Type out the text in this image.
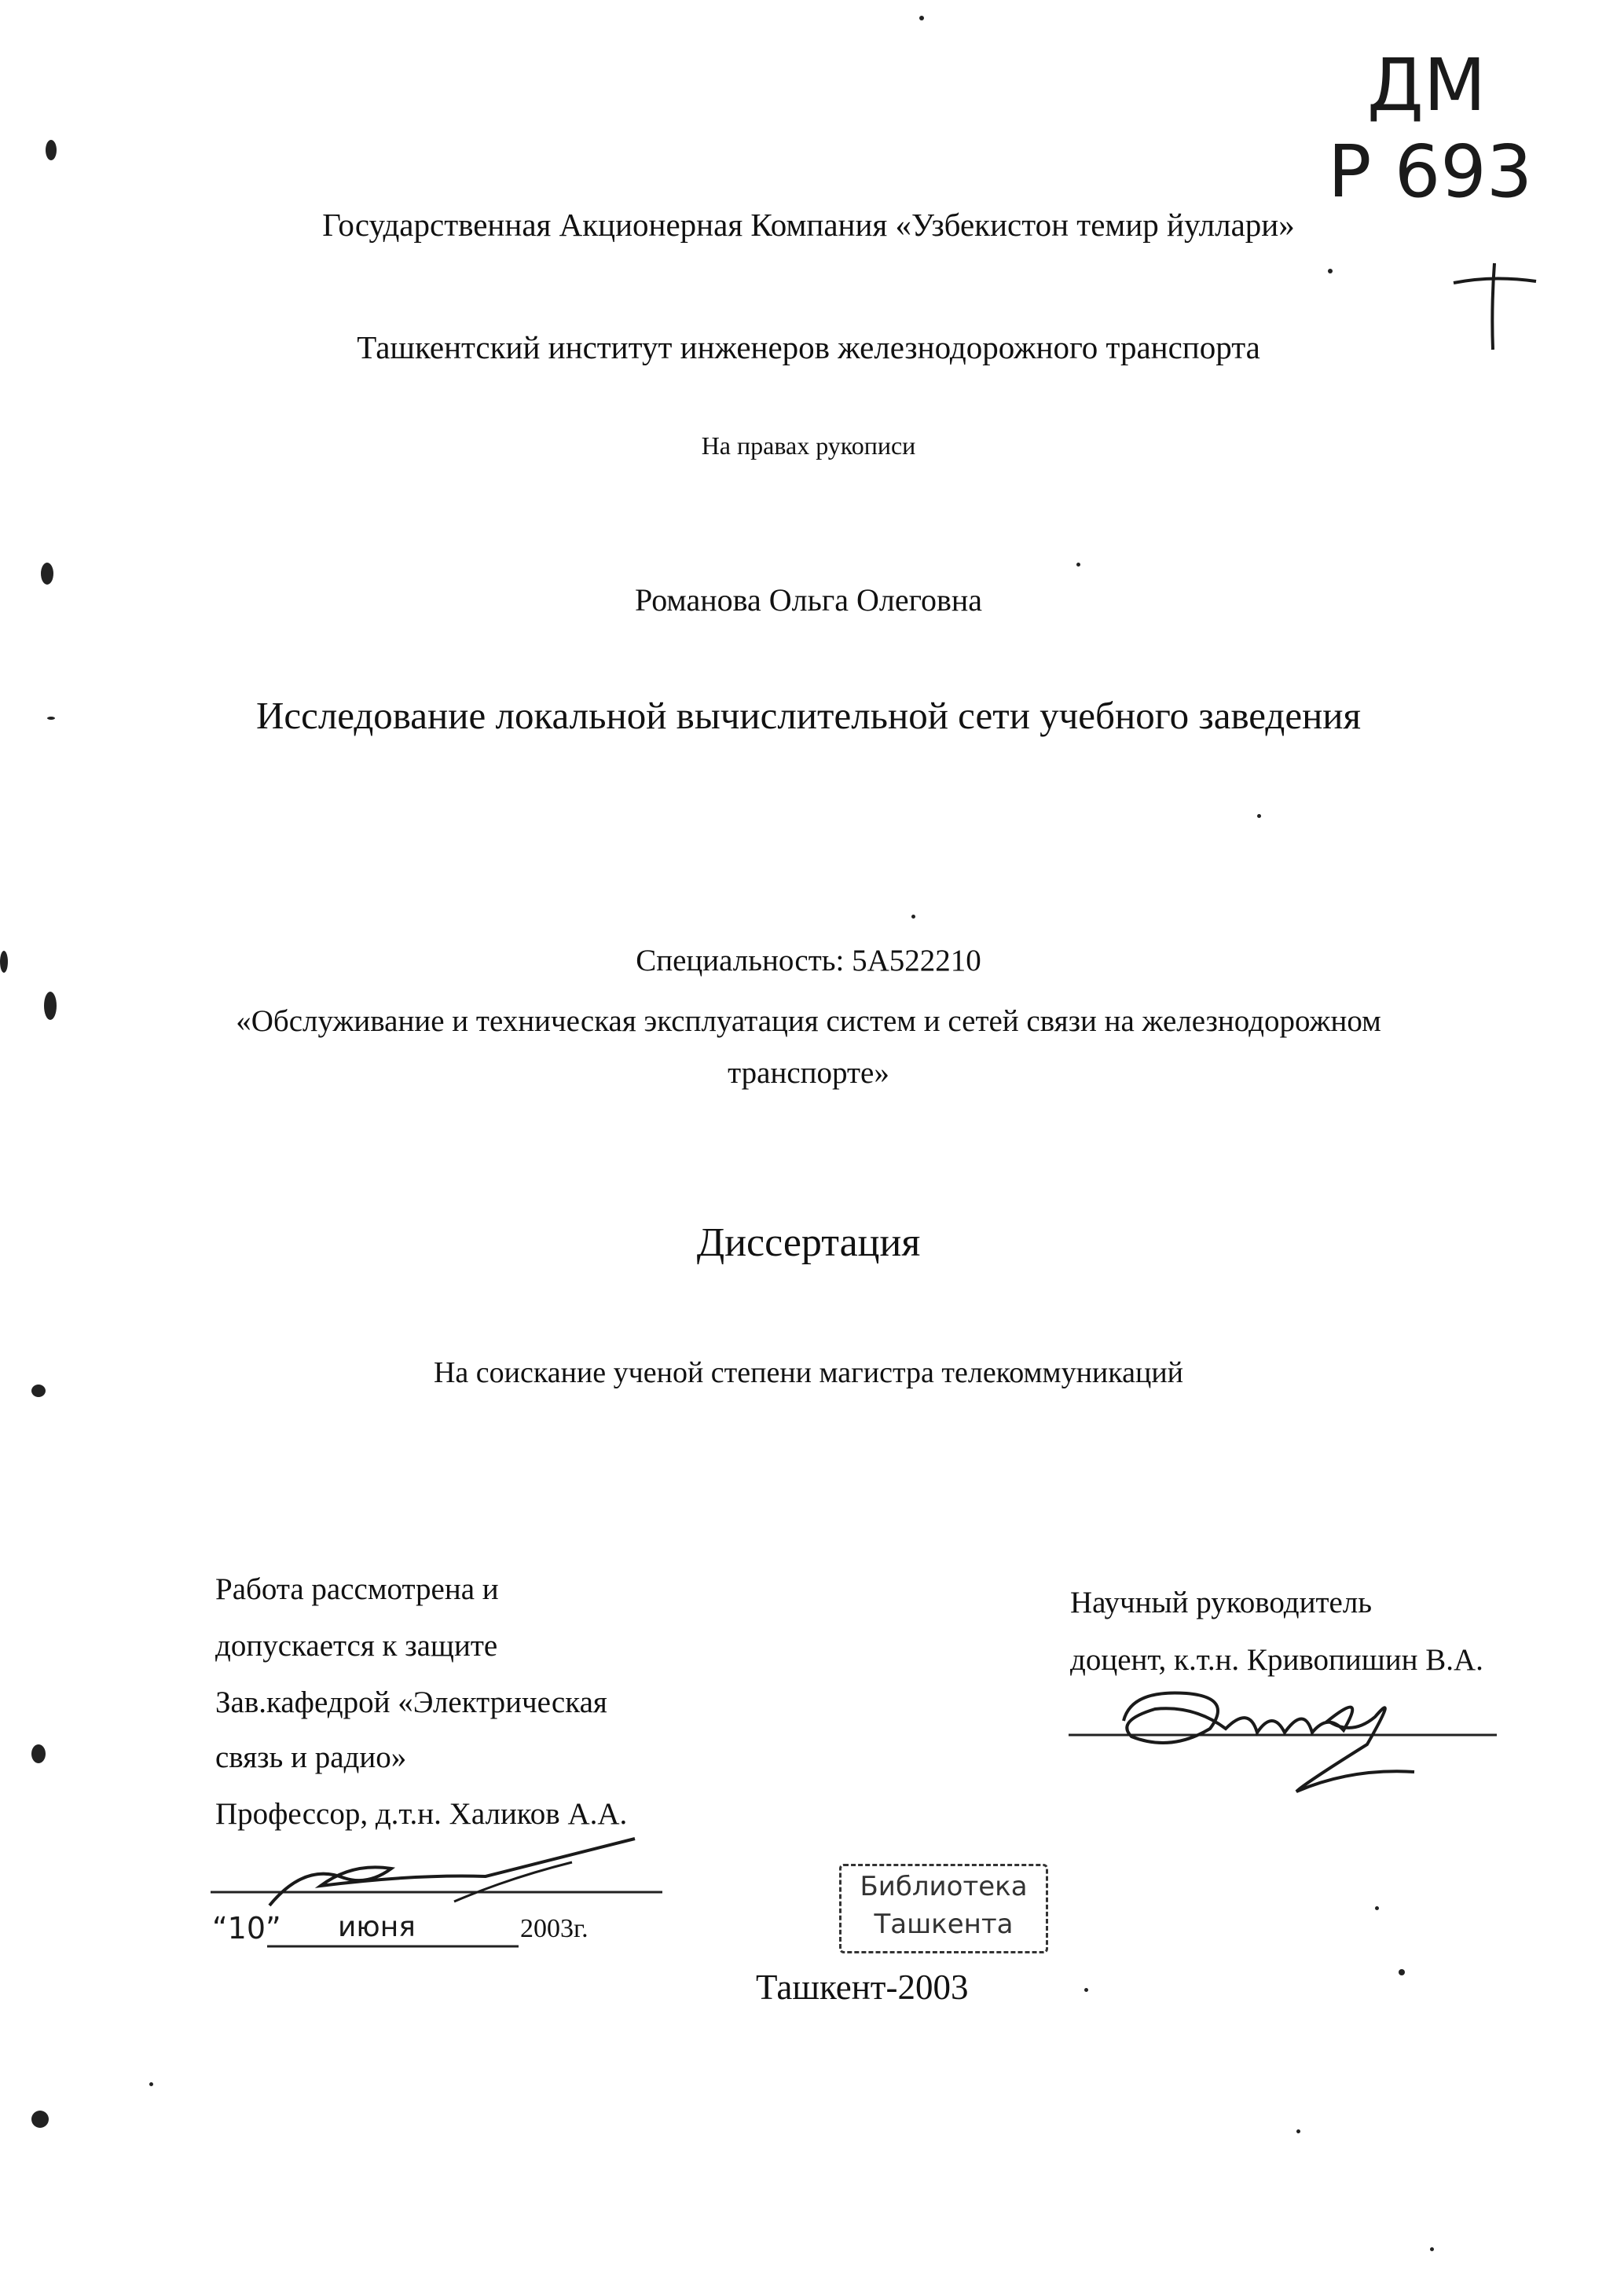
ДМ
Р 693
Государственная Акционерная Компания «Узбекистон темир йуллари»
Ташкентский институт инженеров железнодорожного транспорта
На правах рукописи
Романова Ольга Олеговна
Исследование локальной вычислительной сети учебного заведения
Специальность: 5А522210
«Обслуживание и техническая эксплуатация систем и сетей связи на железнодорожном
транспорте»
Диссертация
На соискание ученой степени магистра телекоммуникаций
Работа рассмотрена и
допускается к защите
Зав.кафедрой «Электрическая
связь и радио»
Профессор, д.т.н. Халиков А.А.
“10” июня	2003г.
Научный руководитель
доцент, к.т.н. Кривопишин В.А.
Библиотека
Ташкента
Ташкент-2003
